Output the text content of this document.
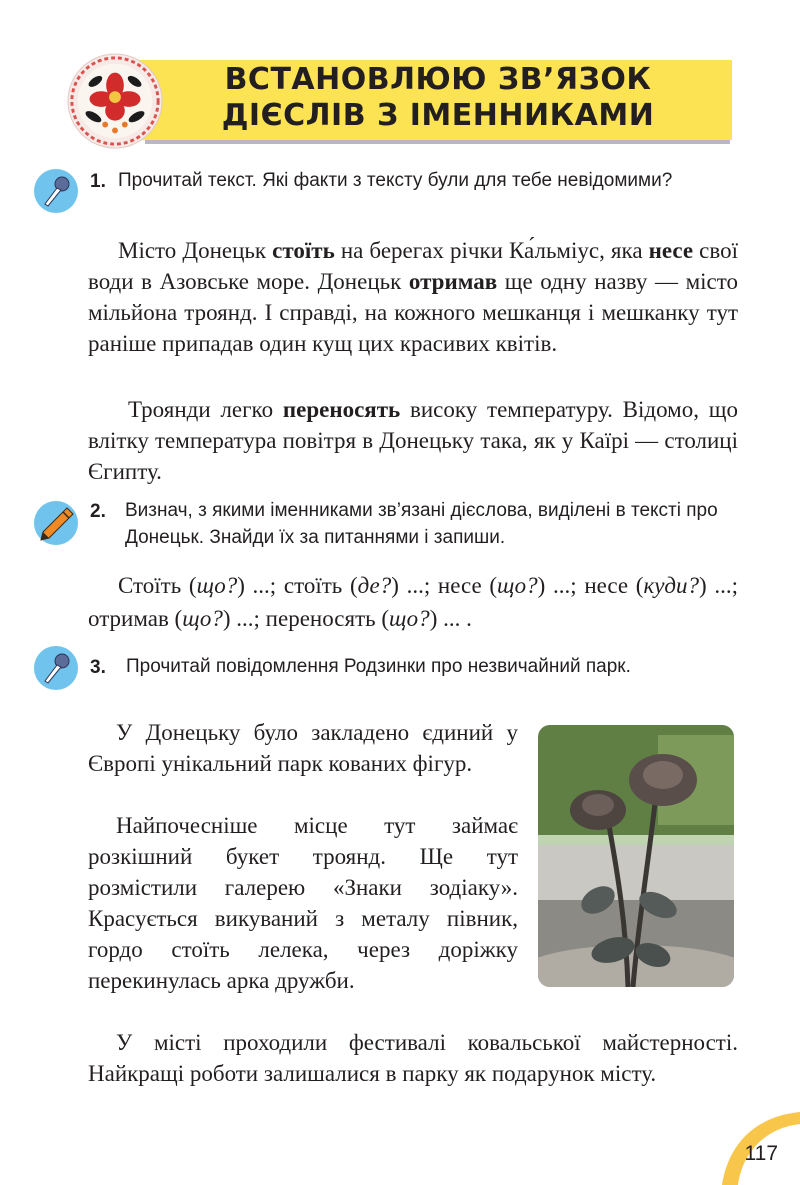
ВСТАНОВЛЮЮ ЗВ’ЯЗОК
ДІЄСЛІВ З ІМЕННИКАМИ
1. Прочитай текст. Які факти з тексту були для тебе невідомими?
Місто Донецьк стоїть на берегах річки Ка́льміус, яка несе свої води в Азовське море. Донецьк отримав ще одну назву — місто мільйона троянд. І справді, на кожного мешканця і мешканку тут раніше припадав один кущ цих красивих квітів.
Троянди легко переносять високу температуру. Відомо, що влітку температура повітря в Донецьку така, як у Каїрі — столиці Єгипту.
2. Визнач, з якими іменниками зв’язані дієслова, виділені в тексті про Донецьк. Знайди їх за питаннями і запиши.
Стоїть (що?) ...; стоїть (де?) ...; несе (що?) ...; несе (куди?) ...; отримав (що?) ...; переносять (що?) ... .
3. Прочитай повідомлення Родзинки про незвичайний парк.
У Донецьку було закладено єдиний у Європі унікальний парк кованих фігур.
Найпочесніше місце тут займає розкішний букет троянд. Ще тут розмістили галерею «Знаки зодіаку». Красується викуваний з металу півник, гордо стоїть лелека, через доріжку перекинулась арка дружби.
У місті проходили фестивалі ковальської майстерності. Найкращі роботи залишалися в парку як подарунок місту.
117
